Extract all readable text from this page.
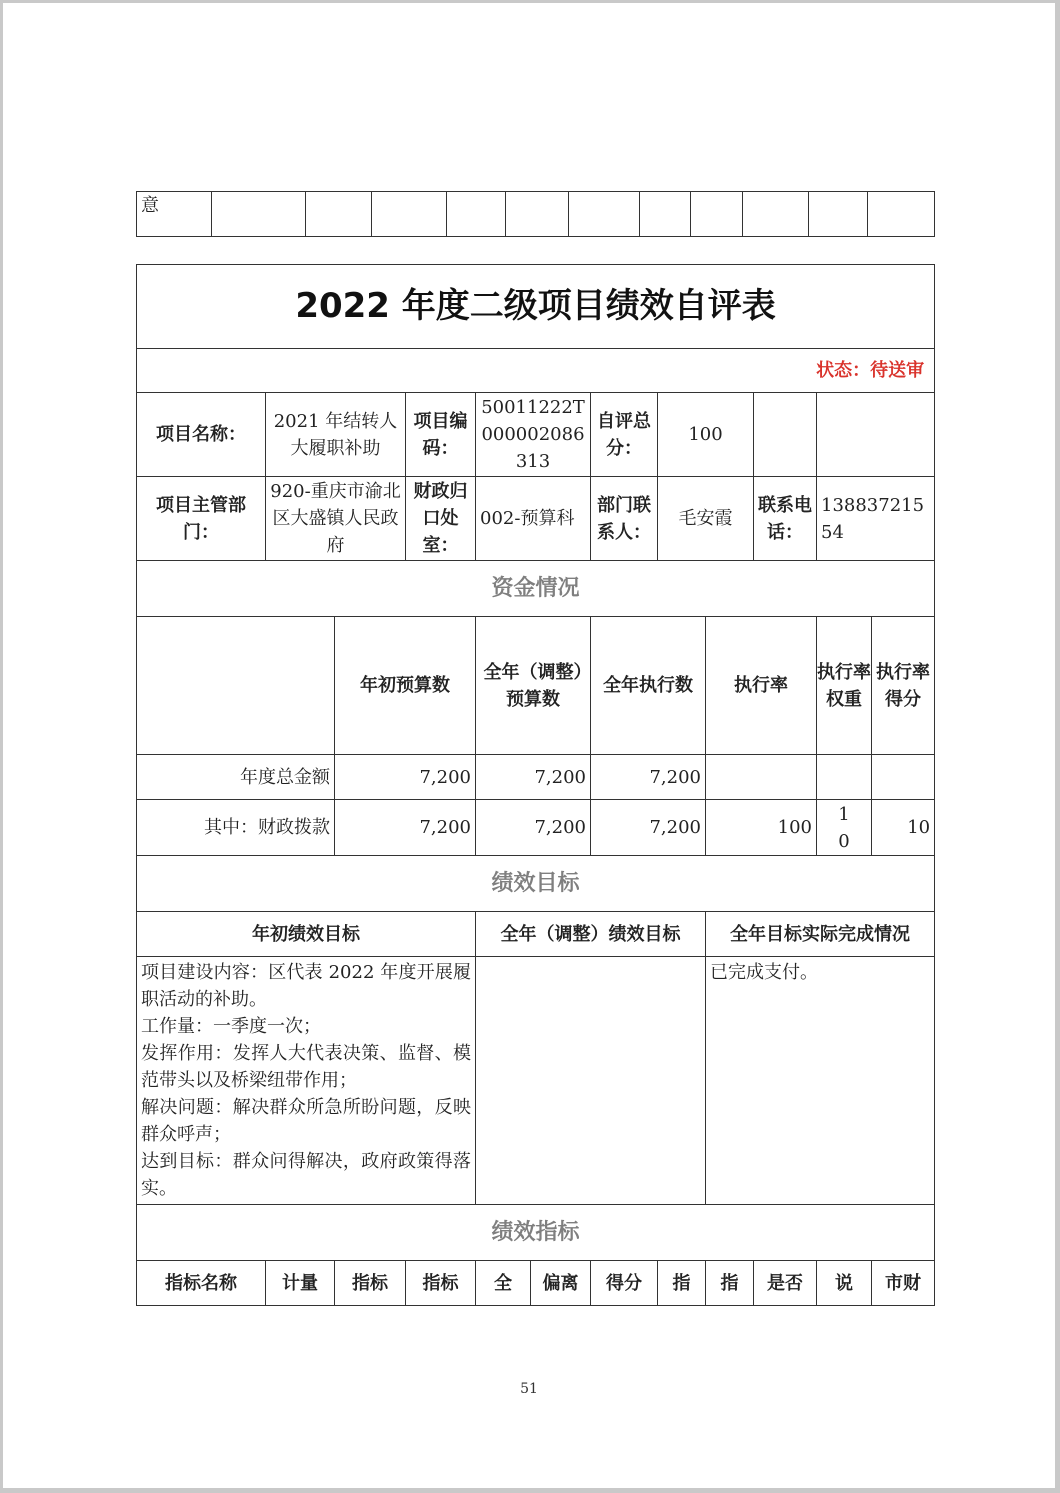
意											
2022 年度二级项目绩效自评表											
状态：待送审											
项目名称：	2021 年结转人大履职补助		项目编码：	50011222T000002086313		自评总分：	100				
项目主管部门：	920-重庆市渝北区大盛镇人民政府		财政归口处室：	002-预算科		部门联系人：	毛安霞		联系电话：	13883721554	
资金情况											
		年初预算数		全年（调整）预算数		全年执行数		执行率		执行率权重	执行率得分
年度总金额		7,200		7,200		7,200					
其中：财政拨款		7,200		7,200		7,200		100		10	10
绩效目标											
年初绩效目标				全年（调整）绩效目标				全年目标实际完成情况			
项目建设内容：区代表 2022 年度开展履职活动的补助。
工作量：一季度一次；
发挥作用：发挥人大代表决策、监督、模范带头以及桥梁纽带作用；
解决问题：解决群众所急所盼问题，反映群众呼声；
达到目标：群众问得解决，政府政策得落实。								已完成支付。			
绩效指标											
指标名称	计量	指标	指标	全	偏离	得分	指	指	是否	说	市财
51
